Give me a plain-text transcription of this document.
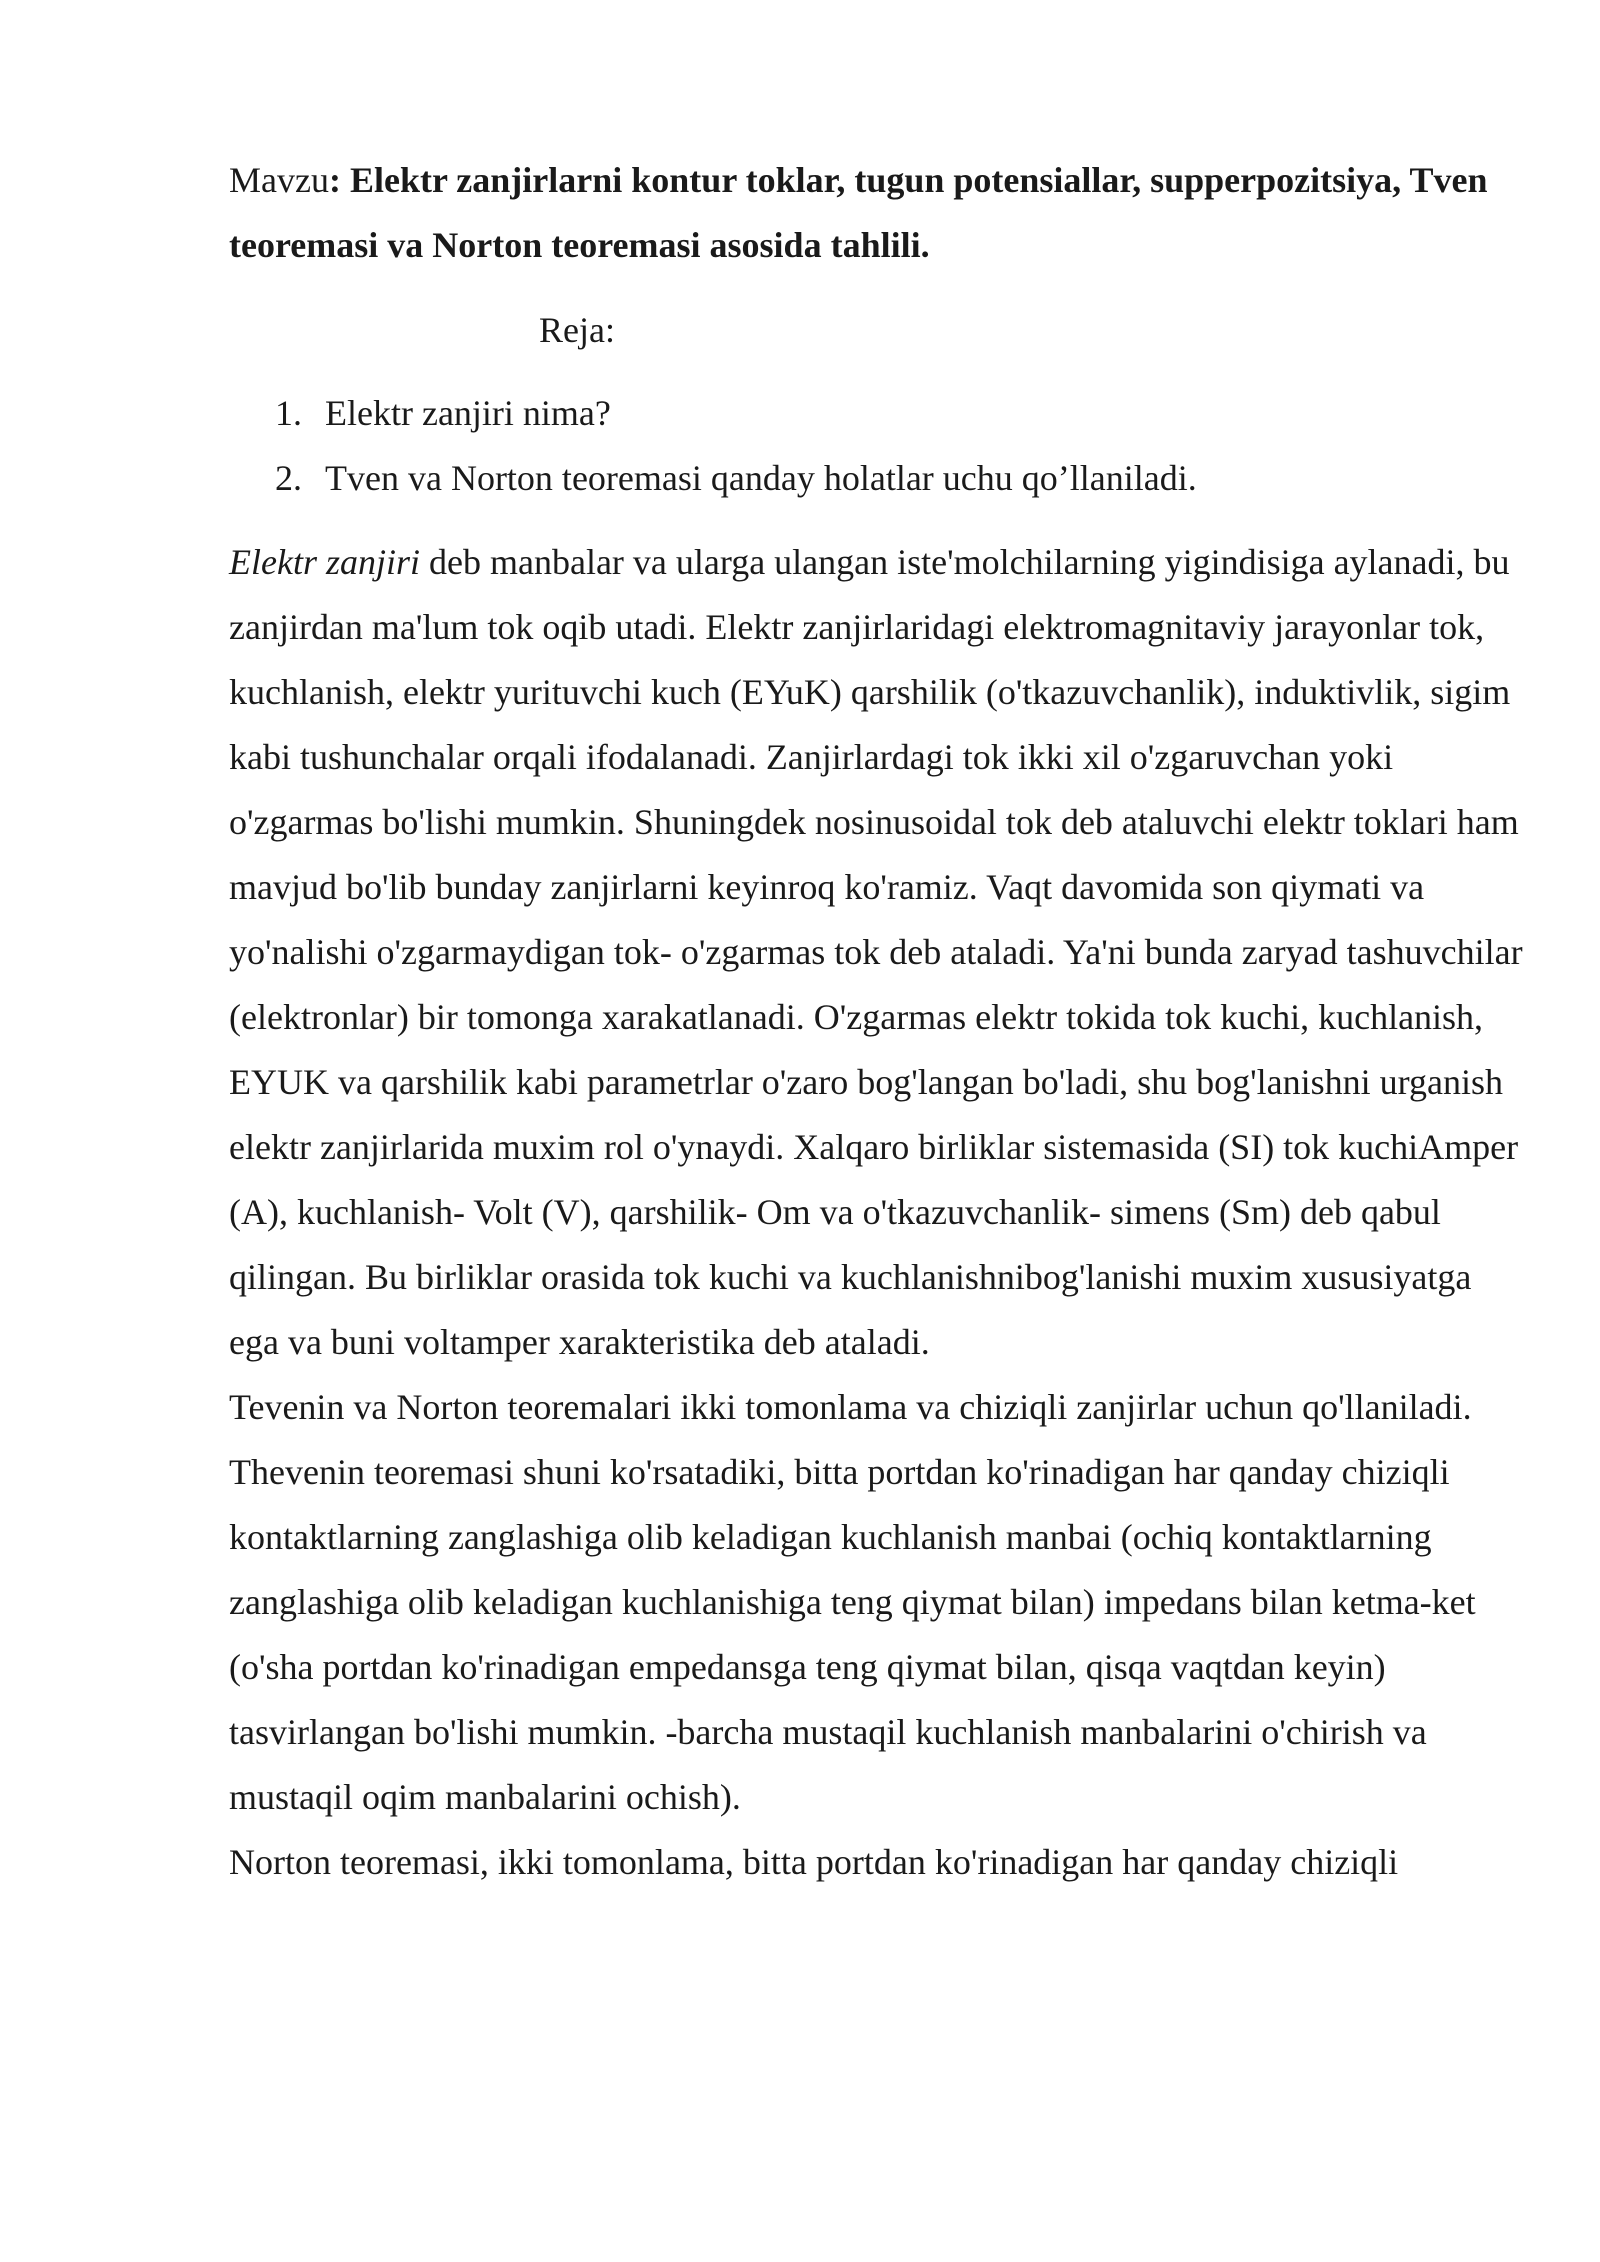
Mavzu: Elektr zanjirlarni kontur toklar, tugun potensiallar, supperpozitsiya, Tven teoremasi va Norton teoremasi asosida tahlili.
Reja:
1. Elektr zanjiri nima?
2. Tven va Norton teoremasi qanday holatlar uchu qo’llaniladi.

Elektr zanjiri deb manbalar va ularga ulangan iste'molchilarning yigindisiga aylanadi, bu zanjirdan ma'lum tok oqib utadi. Elektr zanjirlaridagi elektromagnitaviy jarayonlar tok, kuchlanish, elektr yurituvchi kuch (EYuK) qarshilik (o'tkazuvchanlik), induktivlik, sigim kabi tushunchalar orqali ifodalanadi. Zanjirlardagi tok ikki xil o'zgaruvchan yoki o'zgarmas bo'lishi mumkin. Shuningdek nosinusoidal tok deb ataluvchi elektr toklari ham mavjud bo'lib bunday zanjirlarni keyinroq ko'ramiz. Vaqt davomida son qiymati va yo'nalishi o'zgarmaydigan tok- o'zgarmas tok deb ataladi. Ya'ni bunda zaryad tashuvchilar (elektronlar) bir tomonga xarakatlanadi. O'zgarmas elektr tokida tok kuchi, kuchlanish, EYUK va qarshilik kabi parametrlar o'zaro bog'langan bo'ladi, shu bog'lanishni urganish elektr zanjirlarida muxim rol o'ynaydi. Xalqaro birliklar sistemasida (SI) tok kuchiAmper (A), kuchlanish- Volt (V), qarshilik- Om va o'tkazuvchanlik- simens (Sm) deb qabul qilingan. Bu birliklar orasida tok kuchi va kuchlanishnibog'lanishi muxim xususiyatga ega va buni voltamper xarakteristika deb ataladi.

Tevenin va Norton teoremalari ikki tomonlama va chiziqli zanjirlar uchun qo'llaniladi.

Thevenin teoremasi shuni ko'rsatadiki, bitta portdan ko'rinadigan har qanday chiziqli kontaktlarning zanglashiga olib keladigan kuchlanish manbai (ochiq kontaktlarning zanglashiga olib keladigan kuchlanishiga teng qiymat bilan) impedans bilan ketma-ket (o'sha portdan ko'rinadigan empedansga teng qiymat bilan, qisqa vaqtdan keyin) tasvirlangan bo'lishi mumkin. -barcha mustaqil kuchlanish manbalarini o'chirish va mustaqil oqim manbalarini ochish).

Norton teoremasi, ikki tomonlama, bitta portdan ko'rinadigan har qanday chiziqli
